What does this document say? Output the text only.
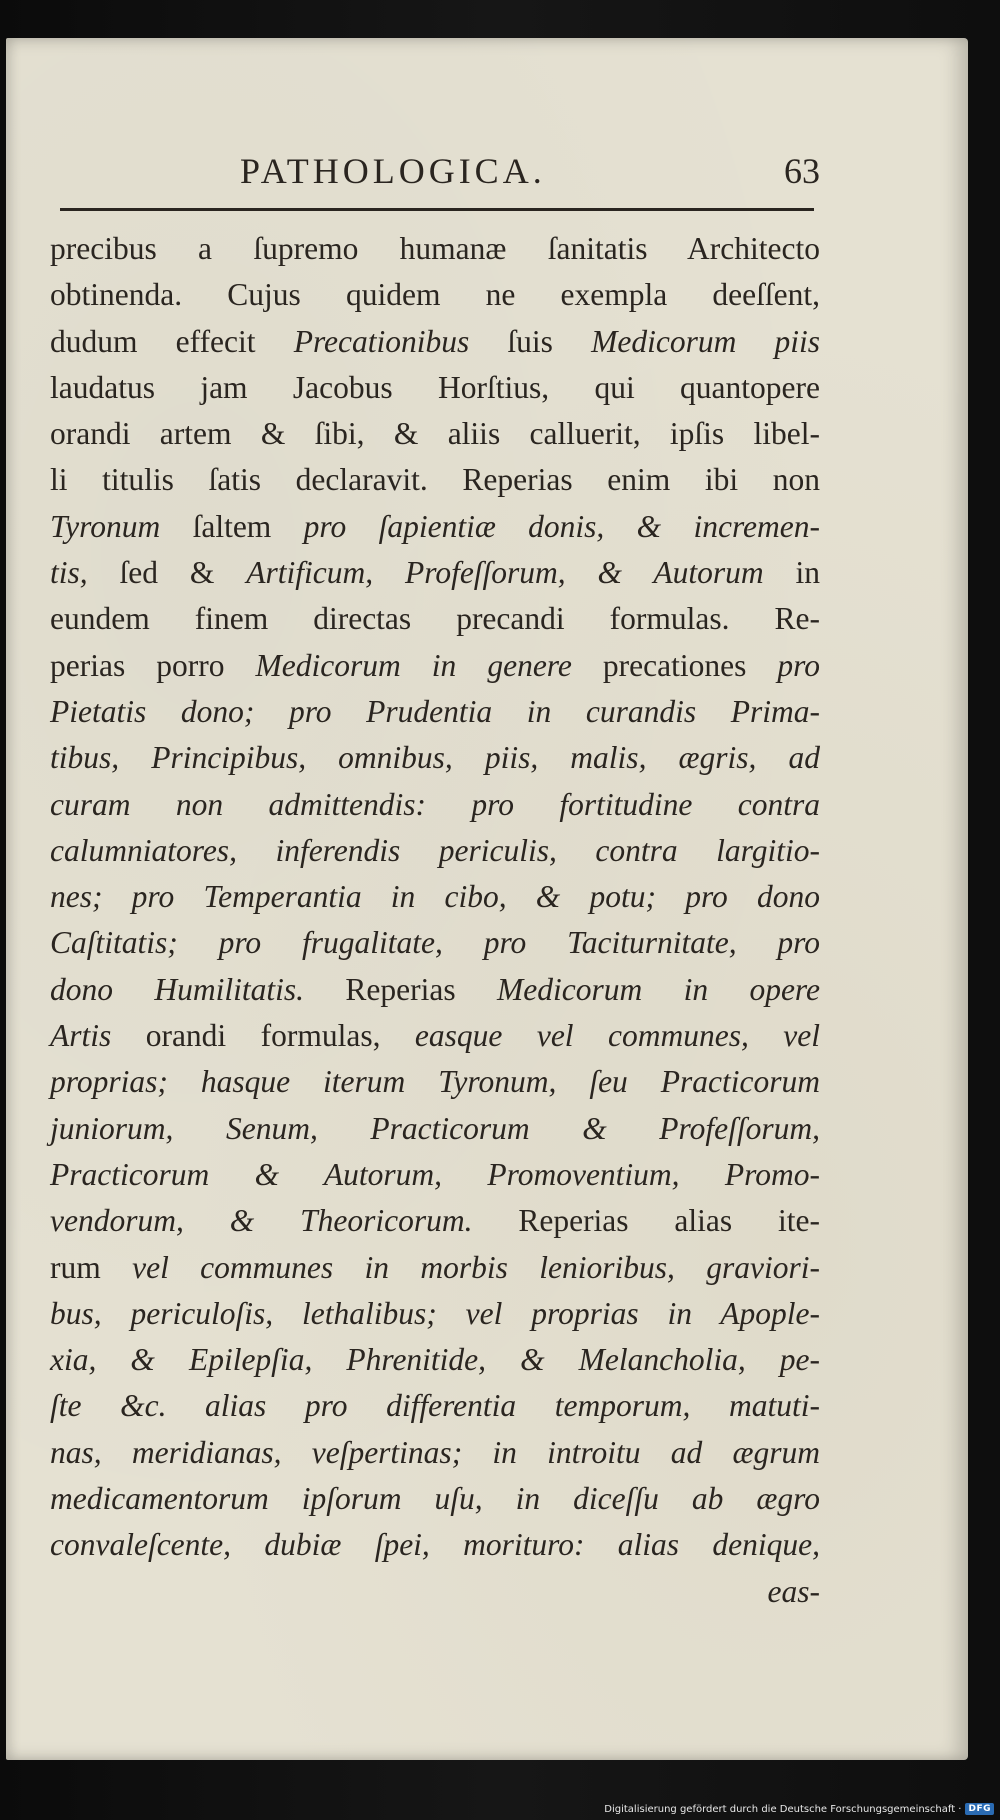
PATHOLOGICA.	63
precibus a ſupremo humanæ ſanitatis Architecto
obtinenda. Cujus quidem ne exempla deeſſent,
dudum effecit Precationibus ſuis Medicorum piis
laudatus jam Jacobus Horſtius, qui quantopere
orandi artem & ſibi, & aliis calluerit, ipſis libel-
li titulis ſatis declaravit. Reperias enim ibi non
Tyronum ſaltem pro ſapientiæ donis, & incremen-
tis, ſed & Artificum, Profeſſorum, & Autorum in
eundem finem directas precandi formulas. Re-
perias porro Medicorum in genere precationes pro
Pietatis dono; pro Prudentia in curandis Prima-
tibus, Principibus, omnibus, piis, malis, ægris, ad
curam non admittendis: pro fortitudine contra
calumniatores, inferendis periculis, contra largitio-
nes; pro Temperantia in cibo, & potu; pro dono
Caſtitatis; pro frugalitate, pro Taciturnitate, pro
dono Humilitatis. Reperias Medicorum in opere
Artis orandi formulas, easque vel communes, vel
proprias; hasque iterum Tyronum, ſeu Practicorum
juniorum, Senum, Practicorum & Profeſſorum,
Practicorum & Autorum, Promoventium, Promo-
vendorum, & Theoricorum. Reperias alias ite-
rum vel communes in morbis lenioribus, graviori-
bus, periculoſis, lethalibus; vel proprias in Apople-
xia, & Epilepſia, Phrenitide, & Melancholia, pe-
ſte &c. alias pro differentia temporum, matuti-
nas, meridianas, veſpertinas; in introitu ad ægrum
medicamentorum ipſorum uſu, in diceſſu ab ægro
convaleſcente, dubiæ ſpei, morituro: alias denique,
eas-
Digitalisierung gefördert durch die Deutsche Forschungsgemeinschaft · DFG
